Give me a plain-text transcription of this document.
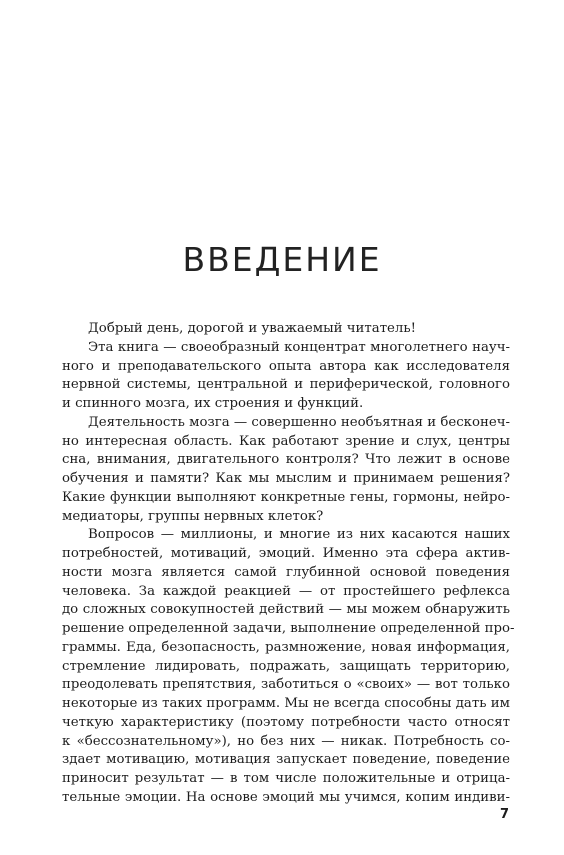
ВВЕДЕНИЕ
Добрый день, дорогой и уважаемый читатель!
Эта книга — своеобразный концентрат многолетнего науч-
ного и преподавательского опыта автора как исследователя
нервной системы, центральной и периферической, головного
и спинного мозга, их строения и функций.
Деятельность мозга — совершенно необъятная и бесконеч-
но интересная область. Как работают зрение и слух, центры
сна, внимания, двигательного контроля? Что лежит в основе
обучения и памяти? Как мы мыслим и принимаем решения?
Какие функции выполняют конкретные гены, гормоны, нейро-
медиаторы, группы нервных клеток?
Вопросов — миллионы, и многие из них касаются наших
потребностей, мотиваций, эмоций. Именно эта сфера актив-
ности мозга является самой глубинной основой поведения
человека. За каждой реакцией — от простейшего рефлекса
до сложных совокупностей действий — мы можем обнаружить
решение определенной задачи, выполнение определенной про-
граммы. Еда, безопасность, размножение, новая информация,
стремление лидировать, подражать, защищать территорию,
преодолевать препятствия, заботиться о «своих» — вот только
некоторые из таких программ. Мы не всегда способны дать им
четкую характеристику (поэтому потребности часто относят
к «бессознательному»), но без них — никак. Потребность со-
здает мотивацию, мотивация запускает поведение, поведение
приносит результат — в том числе положительные и отрица-
тельные эмоции. На основе эмоций мы учимся, копим индиви-
7
